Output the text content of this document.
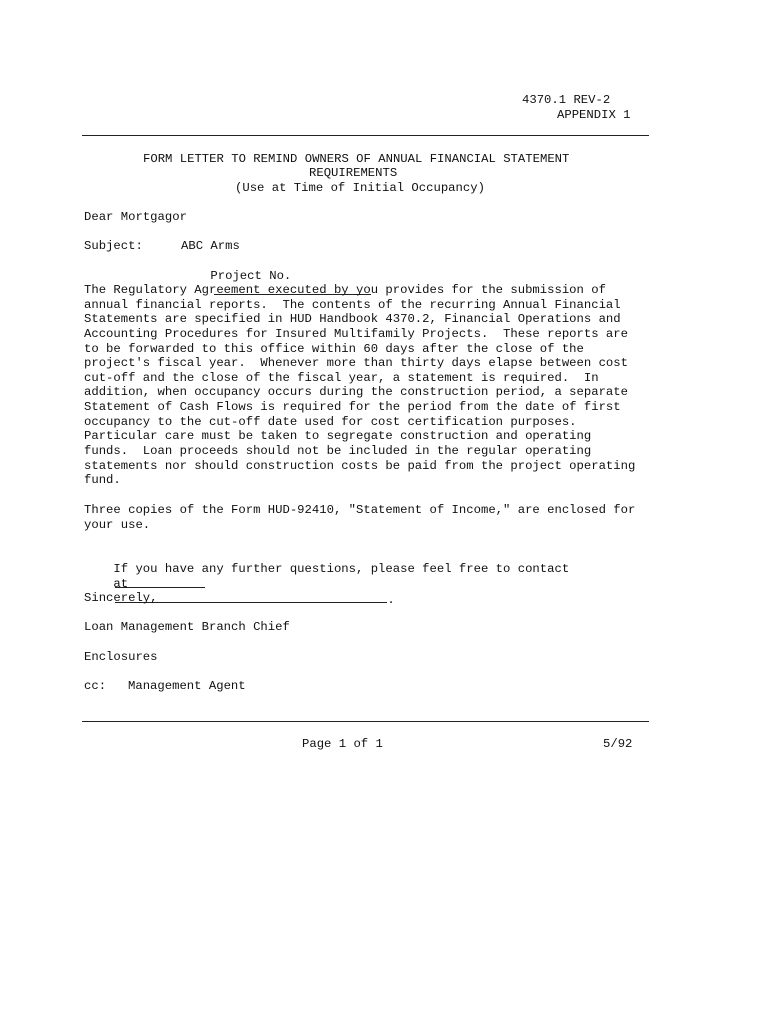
4370.1 REV-2
APPENDIX 1
FORM LETTER TO REMIND OWNERS OF ANNUAL FINANCIAL STATEMENT
REQUIREMENTS
(Use at Time of Initial Occupancy)
Dear Mortgagor
Subject:	ABC Arms

Project No.

The Regulatory Agreement executed by you provides for the submission of
annual financial reports.  The contents of the recurring Annual Financial
Statements are specified in HUD Handbook 4370.2, Financial Operations and
Accounting Procedures for Insured Multifamily Projects.  These reports are
to be forwarded to this office within 60 days after the close of the
project's fiscal year.  Whenever more than thirty days elapse between cost
cut-off and the close of the fiscal year, a statement is required.  In
addition, when occupancy occurs during the construction period, a separate
Statement of Cash Flows is required for the period from the date of first
occupancy to the cut-off date used for cost certification purposes.
Particular care must be taken to segregate construction and operating
funds.  Loan proceeds should not be included in the regular operating
statements nor should construction costs be paid from the project operating
fund.
Three copies of the Form HUD-92410, "Statement of Income," are enclosed for
your use.

If you have any further questions, please feel free to contact

at
.

Sincerely,
Loan Management Branch Chief
Enclosures
cc: Management Agent
Page 1 of 1	5/92
